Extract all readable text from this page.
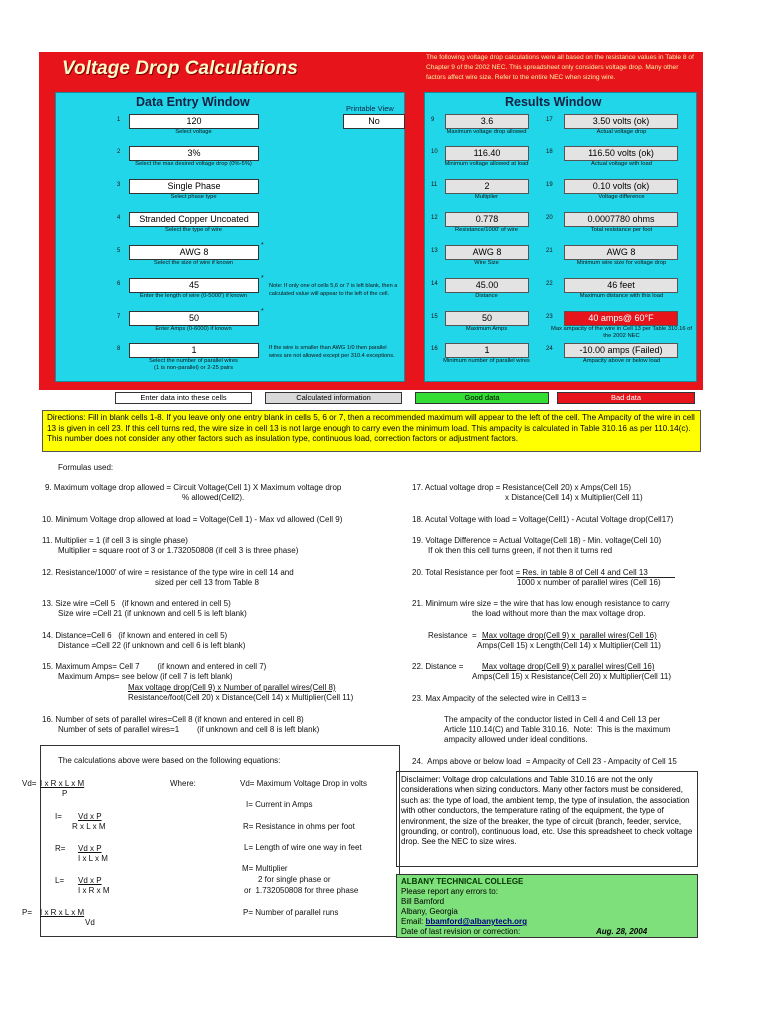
Voltage Drop Calculations
The following voltage drop calculations were all based on the resistance values in Table 8 of Chapter 9 of the 2002 NEC. This spreadsheet only considers voltage drop. Many other factors affect wire size. Refer to the entire NEC when sizing wire.
Data Entry Window	Printable View
No
1	120
Select voltage
2	3%
Select the max desired voltage drop (0%-5%)
3	Single Phase
Select phase type
4	Stranded Copper Uncoated
Select the type of wire
5	AWG 8
Select the size of wire if known
*
6	45
Enter the length of wire (0-5000') if known
*
7	50
Enter Amps (0-6000) if known
*
8	1
Select the number of parallel wires
(1 is non-parallel) or 2-25 pairs
Note: If only one of cells 5,6 or 7 is left blank, then a calculated value will appear to the left of the cell.
If the wire is smaller than AWG 1/0 then parallel wires are not allowed except per 310.4 exceptions.
Results Window
9	3.6
Maximum voltage drop allowed
10	116.40
Minimum voltage allowed at load
11	2
Multiplier
12	0.778
Resistance/1000' of wire
13	AWG 8
Wire Size
14	45.00
Distance
15	50
Maximum Amps
16	1
Minimum number of parallel wires
17	3.50 volts (ok)
Actual voltage drop
18	116.50 volts (ok)
Actual voltage with load
19	0.10 volts (ok)
Voltage difference
20	0.0007780 ohms
Total resistance per foot
21	AWG 8
Minimum wire size for voltage drop
22	46 feet
Maximum distance with this load
23	40 amps@ 60°F
Max ampacity of the wire in Cell 13 per Table 310.16 of the 2002 NEC
24	-10.00 amps (Failed)
Ampacity above or below load
Enter data into these cells	Calculated information	Good data	Bad data
Directions: Fill in blank cells 1-8. If you leave only one entry blank in cells 5, 6 or 7, then a recommended maximum will appear to the left of the cell. The Ampacity of the wire in cell 13 is given in cell 23. If this cell turns red, the wire size in cell 13 is not large enough to carry even the minimum load. This ampacity is calculated in Table 310.16 as per 110.14(c). This number does not consider any other factors such as insulation type, continuous load, correction factors or adjustment factors.
Formulas used:
9. Maximum voltage drop allowed = Circuit Voltage(Cell 1) X Maximum voltage drop
% allowed(Cell2).
10. Minimum Voltage drop allowed at load = Voltage(Cell 1) - Max vd allowed (Cell 9)
11. Multiplier = 1 (if cell 3 is single phase)
Multiplier = square root of 3 or 1.732050808 (if cell 3 is three phase)
12. Resistance/1000' of wire = resistance of the type wire in cell 14 and
sized per cell 13 from Table 8
13. Size wire =Cell 5   (if known and entered in cell 5)
Size wire =Cell 21 (if unknown and cell 5 is left blank)
14. Distance=Cell 6   (if known and entered in cell 5)
Distance =Cell 22 (if unknown and cell 6 is left blank)
15. Maximum Amps= Cell 7        (if known and entered in cell 7)
Maximum Amps= see below (if cell 7 is left blank)
Max voltage drop(Cell 9) x Number of parallel wires(Cell 8)
Resistance/foot(Cell 20) x Distance(Cell 14) x Multiplier(Cell 11)
16. Number of sets of parallel wires=Cell 8 (if known and entered in cell 8)
Number of sets of parallel wires=1        (if unknown and cell 8 is left blank)
17. Actual voltage drop = Resistance(Cell 20) x Amps(Cell 15)
x Distance(Cell 14) x Multiplier(Cell 11)
18. Acutal Voltage with load = Voltage(Cell1) - Acutal Voltage drop(Cell17)
19. Voltage Difference = Actual Voltage(Cell 18) - Min. voltage(Cell 10)
If ok then this cell turns green, if not then it turns red
20. Total Resistance per foot = Res. in table 8 of Cell 4 and Cell 13
1000 x number of parallel wires (Cell 16)
21. Minimum wire size = the wire that has low enough resistance to carry
the load without more than the max voltage drop.
Resistance  = Max voltage drop(Cell 9) x  parallel wires(Cell 16)
Amps(Cell 15) x Length(Cell 14) x Multiplier(Cell 11)
22. Distance = Max voltage drop(Cell 9) x parallel wires(Cell 16)
Amps(Cell 15) x Resistance(Cell 20) x Multiplier(Cell 11)
23. Max Ampacity of the selected wire in Cell13 =
The ampacity of the conductor listed in Cell 4 and Cell 13 per
Article 110.14(C) and Table 310.16.  Note:  This is the maximum
ampacity allowed under ideal conditions.
24.  Amps above or below load  = Ampacity of Cell 23 - Ampacity of Cell 15
The calculations above were based on the following equations:
Vd= I x R x L x M
P
I= Vd x P
R x L x M
R= Vd x P
I x L x M
L= Vd x P
I x R x M
P= I x R x L x M
Vd
Where:	Vd= Maximum Voltage Drop in volts
I= Current in Amps
R= Resistance in ohms per foot
L= Length of wire one way in feet
M= Multiplier
2 for single phase or
or  1.732050808 for three phase
P= Number of parallel runs
Disclaimer: Voltage drop calculations and Table 310.16 are not the only considerations when sizing conductors. Many other factors must be considered, such as: the type of load, the ambient temp, the type of insulation, the association with other conductors, the temperature rating of the equipment, the type of environment, the size of the breaker, the type of circuit (branch, feeder, service, grounding, or control), continuous load, etc. Use this spreadsheet to check voltage drop. See the NEC to size wires.
ALBANY TECHNICAL COLLEGE
Please report any errors to:
Bill Bamford
Albany, Georgia
Email: bbamford@albanytech.org
Date of last revision or correction:	Aug. 28, 2004
